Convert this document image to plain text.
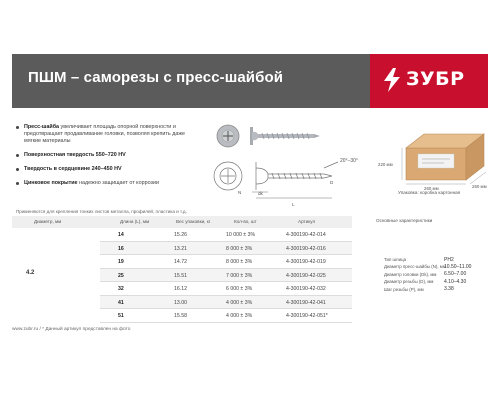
ПШМ – саморезы с пресс-шайбой	ЗУБР
Пресс-шайба увеличивает площадь опорной поверхности и предотвращает продавливание головки, позволяя крепить даже мягкие материалы
Поверхностная твердость 550–720 HV
Твердость в сердцевине 240–450 HV
Цинковое покрытие надежно защищает от коррозии
20°–30°
N	dk
D
L
220 мм
260 мм	260 мм
Упаковка: коробка картонная
Применяются для крепления тонких листов металла, профилей, пластика и т.д.
Диаметр, мм	Длина (L), мм	Вес упаковки, кг	Кол-во, шт	Артикул
4.2
14	15.26	10 000 ± 3%	4-300190-42-014
16	13.21	8 000 ± 3%	4-300190-42-016
19	14.72	8 000 ± 3%	4-300190-42-019
25	15.51	7 000 ± 3%	4-300190-42-025
32	16.12	6 000 ± 3%	4-300190-42-032
41	13.00	4 000 ± 3%	4-300190-42-041
51	15.58	4 000 ± 3%	4-300190-42-051*
Основные характеристики
Тип шлица	PH2
Диаметр пресс-шайбы (N), мм
10.50–11.00
Диаметр головки (Dk), мм 6.50–7.00
Диаметр резьбы (D), мм 4.10–4.30
Шаг резьбы (P), мм	3.38
www.zubr.ru / * Данный артикул представлен на фото
